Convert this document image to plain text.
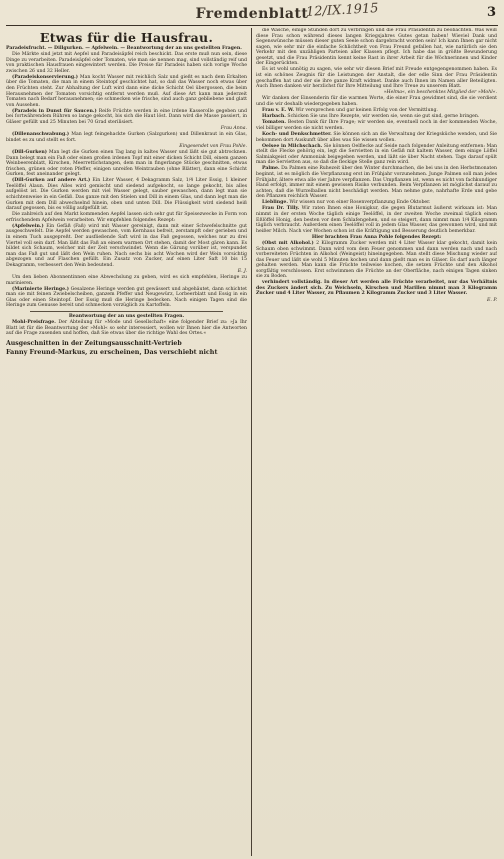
Fremdenblatt
12/IX.1915	3
Etwas für die Hausfrau.

Paradeisfrucht. — Dillgurken. — Apfelwein. — Beantwortung der an uns gestellten Fragen.

Die Märkte sind jetzt mit Aepfel und Paradeisäpfel reich beschickt. Das erste muß nun sein, diese Dinge zu verarbeiten. Paradeisäpfel oder Tomaten, wie man sie nennen mag, sind vollständig reif und von praktischen Hausfrauen eingewintert werden. Die Preise für Paradeis haben sich vorige Woche zwischen 26 und 32 Heller.

(Paradeiskonservierung.) Man kocht Wasser mit reichlich Salz und gießt es nach dem Erkalten über die Tomaten, die man in einem Steintopf geschichtet hat, so daß das Wasser noch etwas über den Früchten steht. Zur Abhaltung der Luft wird dann eine dicke Schicht Oel übergossen, die beim Herausnehmen der Tomaten vorsichtig entfernt werden muß. Auf diese Art kann man jederzeit Tomaten nach Bedarf herausnehmen; sie schmecken wie frische, sind auch ganz gebliebene und glatt von Aussehen.

(Paradeis in Dunst für Saucen.) Reife Früchte werden in eine irdene Kasserolle gegeben und bei fortwährendem Rühren so lange gekocht, bis sich die Haut löst. Dann wird die Masse passiert, in Gläser gefüllt und 25 Minuten bei 70 Grad sterilisiert.

Frau Anna.

(Dillenanschwabung.) Man legt feingehackte Gurken (Salzgurken) und Dillenkraut in ein Glas, bindet es zu und stellt es fort.

Eingesendet von Frau Pohle.

(Dill-Gurken) Man legt die Gurken einen Tag lang in kaltes Wasser und läßt sie gut abtrocknen. Dann belegt man ein Faß oder einen großen irdenen Topf mit einer dicken Schicht Dill, einem ganzen Weinbeerenblatt, Kirschen, Meerrettichstangen, dem man in fingerlange Stücke geschnitten, etwas frischen, grünen oder roten Pfeffer, einigen unreifen Weintrauben (ohne Blätter), dann eine Schicht Gurken, fest aneinander gelegt.

(Dill-Gurken auf andere Art.) Ein Liter Wasser, 4 Dekagramm Salz, 1/4 Liter Essig, 1 kleiner Teelöffel Alaun. Dies Alles wird gemischt und siedend aufgekocht, so lange gekocht, bis alles aufgelöst ist. Die Gurken werden mit viel Wasser gelegt, sauber gewaschen, dann legt man sie schichtenweise in ein Gefäß. Das ganze mit den Stielen und Dill in einem Glas, und dann legt man die Gurken mit dem Dill abwechselnd hinein, oben und unten Dill. Die Flüssigkeit wird siedend heiß darauf gegossen, bis es völlig aufgefüllt ist.

Die zahlreich auf den Markt kommenden Aepfel lassen sich sehr gut für Speisezwecke in Form von erfrischendem Apfelwein verarbeiten. Wir empfehlen folgendes Rezept:

(Apfelwein.) Ein Gefäß (Faß) wird mit Wasser gereinigt, dann mit einer Schwefelschnitte gut ausgeschwefelt. Die Aepfel werden gewaschen, vom Kernhaus befreit, zerstampft oder gerieben und in einem Tuch ausgepreßt. Der ausfließende Saft wird in das Faß gegossen, welches nur zu drei Viertel voll sein darf. Man läßt das Faß an einem warmen Ort stehen, damit der Most gären kann. Es bildet sich Schaum, welcher mit der Zeit verschwindet. Wenn die Gärung vorüber ist, verspundet man das Faß gut und läßt den Wein ruhen. Nach sechs bis acht Wochen wird der Wein vorsichtig abgezogen und auf Flaschen gefüllt. Ein Zusatz von Zucker, auf einen Liter Saft 10 bis 15 Dekagramm, verbessert den Wein bedeutend.

E. J.

Um den lieben Abonnentinnen eine Abwechslung zu geben, wird es sich empfehlen, Heringe zu marinieren.

(Marinierte Heringe.) Gesalzene Heringe werden gut gewässert und abgehäutet, dann schichtet man sie mit feinen Zwiebelscheiben, ganzem Pfeffer und Neugewürz, Lorbeerblatt und Essig in ein Glas oder einen Steintopf. Der Essig muß die Heringe bedecken. Nach einigen Tagen sind die Heringe zum Genusse bereit und schmecken vorzüglich zu Kartoffeln.

Beantwortung der an uns gestellten Fragen.

Mohl-Preisfrage. Der Abteilung für »Mode und Gesellschaft« eine folgender Brief zu: »Ja Ihr Blatt ist für die Beantwortung der »Mohl« so sehr interessiert, wollen wir Ihnen hier die Antworten auf die Frage zusenden und hoffen, daß Sie etwas über die richtige Wahl des Ortes.«

Ausgeschnitten in der Zeitungsausschnitt-Vertrieb
Fanny Freund-Markus, zu erscheinen, Das verschiebt nicht

die Wäsche, einige Stunden dort zu verbringen und die Frau Präsidentin zu beobachten. Was weiß diese Frau schon während dieses langen Kriegsjahres Gutes getan haben! Wieviel Dank und Segenswünsche müssen dieser guten Seele schon dargebracht worden sein! Ich kann Ihnen gar nicht sagen, wie sehr mir die einfache Schlichtheit von Frau Freund gefallen hat, wie natürlich sie den Verkehr mit den unzähligen Parteien aller Klassen pflegt. Ich habe das in größte Bewunderung gesetzt, und die Frau Präsidentin kennt keine Rast in ihrer Arbeit für die Wöchnerinnen und Kinder der Eingerückten.

Es ist wohl unnötig zu sagen, wie sehr wir diesen Brief mit Freude entgegengenommen haben. Es ist ein schönes Zeugnis für die Leistungen der Anstalt, die der edle Sinn der Frau Präsidentin geschaffen hat und der sie ihre ganze Kraft widmet. Danke auch Ihnen im Namen aller Beteiligten. Auch Ihnen danken wir herzlichst für Ihre Mitteilung und Ihre Treue zu unserem Blatt.

»Helma«, ein beschenktes Mitglied der »Mohl«.

Wir danken der Einsenderin für die warmen Worte, die einer Frau gewidmet sind, die sie verdient und die wir deshalb wiedergegeben haben.

Frau v. E. W. Wir versprechen und gar keinen Erfolg von der Vermittlung.

Harbach. Schicken Sie uns Ihre Rezepte, wir werden sie, wenn sie gut sind, gerne bringen.

Tomaten. Besten Dank für Ihre Frage; wir werden sie, eventuell noch in der kommenden Woche, viel billiger werden sie nicht werden.

Koch- und Denkschmetter. Sie können sich an die Verwaltung der Kriegsküche wenden, und Sie bekommen dort Auskunft über alles was Sie wissen wollen.

Oelsee in Milchschach. Sie können Oelflecke auf Seide nach folgender Anleitung entfernen: Man stellt die Flecke gehörig ein, legt die Servietten in ein Gefäß mit kaltem Wasser, dem einige Löffel Salmiakgeist oder Ammoniak beigegeben werden, und läßt sie über Nacht stehen. Tags darauf spült man die Servietten aus, so daß die fleckige Stelle ganz rein wird.

Palme. Da Palmen eine Ruhezeit über den Winter durchmachen, die bei uns in den Herbstmonaten beginnt, ist es möglich die Verpflanzung erst im Frühjahr vorzunehmen. Junge Palmen soll man jedes Frühjahr, ältere etwa alle vier Jahre verpflanzen. Das Umpflanzen ist, wenn es nicht von fachkundiger Hand erfolgt, immer mit einem gewissen Risiko verbunden. Beim Verpflanzen ist möglichst darauf zu achten, daß die Wurzelballen nicht beschädigt werden. Man nehme gute, nahrhafte Erde und gebe den Pflanzen reichlich Wasser.

Lieblinge. Wir wissen nur von einer Rosenverpflanzung Ende Oktober.

Frau Dr. Tilly. Wir raten Ihnen eine Honigkur, die gegen Blutarmut äußerst wirksam ist: Man nimmt in der ersten Woche täglich einige Teelöffel, in der zweiten Woche zweimal täglich einen Eßlöffel Honig, den besten vor dem Schlafengehen, und so steigert, dann nimmt man 1/4 Kilogramm täglich verbraucht. Außerdem einen Teelöffel voll in jedem Glas Wasser, das gewonnen wird, und mit heißer Milch. Nach vier Wochen schon ist die Kräftigung und Besserung deutlich bemerkbar.

Hier brachten Frau Anna Pohle folgendes Rezept:

(Obst mit Alkohol.) 2 Kilogramm Zucker werden mit 4 Liter Wasser klar gekocht, damit kein Schaum oben schwimmt. Dann wird vom dem Feuer genommen und dann werden nach und nach vorbereiteten Früchten in Alkohol (Weingeist) hineingegeben. Man stellt diese Mischung wieder auf das Feuer und läßt sie wohl 5 Minuten kochen und dann gießt man es in Gläser. Es darf auch länger gehalten werden. Man kann die Früchte teilweise kochen, die setzen Früchte und den Alkohol sorgfältig verschlossen. Erst schwimmen die Früchte an der Oberfläche, nach einigen Tagen sinken sie zu Boden.

verhindert vollständig. In dieser Art werden alle Früchte verarbeitet, nur das Verhältnis des Zuckers ändert sich. Zu Weichseln, Kirschen und Marillen nimmt man 3 Kilogramm Zucker und 4 Liter Wasser, zu Pflaumen 2 Kilogramm Zucker und 3 Liter Wasser.

E. P.
